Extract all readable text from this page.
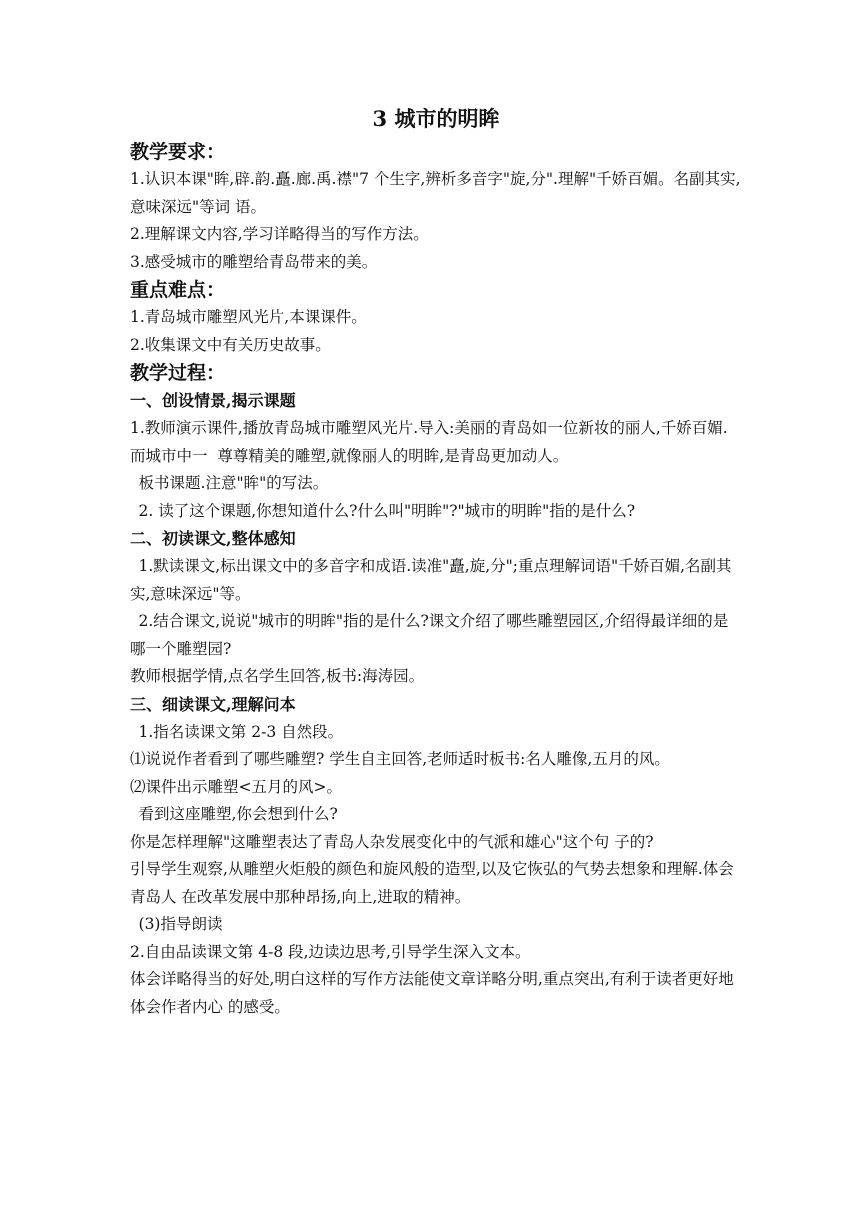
3 城市的明眸
教学要求：

1.认识本课"眸,辟.韵.矗.廊.禹.襟"7 个生字,辨析多音字"旋,分".理解"千娇百媚。名副其实,意味深远"等词 语。

2.理解课文内容,学习详略得当的写作方法。

3.感受城市的雕塑给青岛带来的美。

重点难点：

1.青岛城市雕塑风光片,本课课件。

2.收集课文中有关历史故事。

教学过程：
一、创设情景,揭示课题

1.教师演示课件,播放青岛城市雕塑风光片.导入:美丽的青岛如一位新妆的丽人,千娇百媚.而城市中一  尊尊精美的雕塑,就像丽人的明眸,是青岛更加动人。

板书课题.注意"眸"的写法。

2. 读了这个课题,你想知道什么?什么叫"明眸"?"城市的明眸"指的是什么?

二、初读课文,整体感知

1.默读课文,标出课文中的多音字和成语.读准"矗,旋,分";重点理解词语"千娇百媚,名副其实,意味深远"等。

2.结合课文,说说"城市的明眸"指的是什么?课文介绍了哪些雕塑园区,介绍得最详细的是哪一个雕塑园?

教师根据学情,点名学生回答,板书:海涛园。

三、细读课文,理解问本

1.指名读课文第 2-3 自然段。

⑴说说作者看到了哪些雕塑? 学生自主回答,老师适时板书:名人雕像,五月的风。

⑵课件出示雕塑<五月的风>。

看到这座雕塑,你会想到什么?

你是怎样理解"这雕塑表达了青岛人杂发展变化中的气派和雄心"这个句 子的?

引导学生观察,从雕塑火炬般的颜色和旋风般的造型,以及它恢弘的气势去想象和理解.体会青岛人 在改革发展中那种昂扬,向上,进取的精神。

(3)指导朗读

2.自由品读课文第 4-8 段,边读边思考,引导学生深入文本。

体会详略得当的好处,明白这样的写作方法能使文章详略分明,重点突出,有利于读者更好地体会作者内心 的感受。
